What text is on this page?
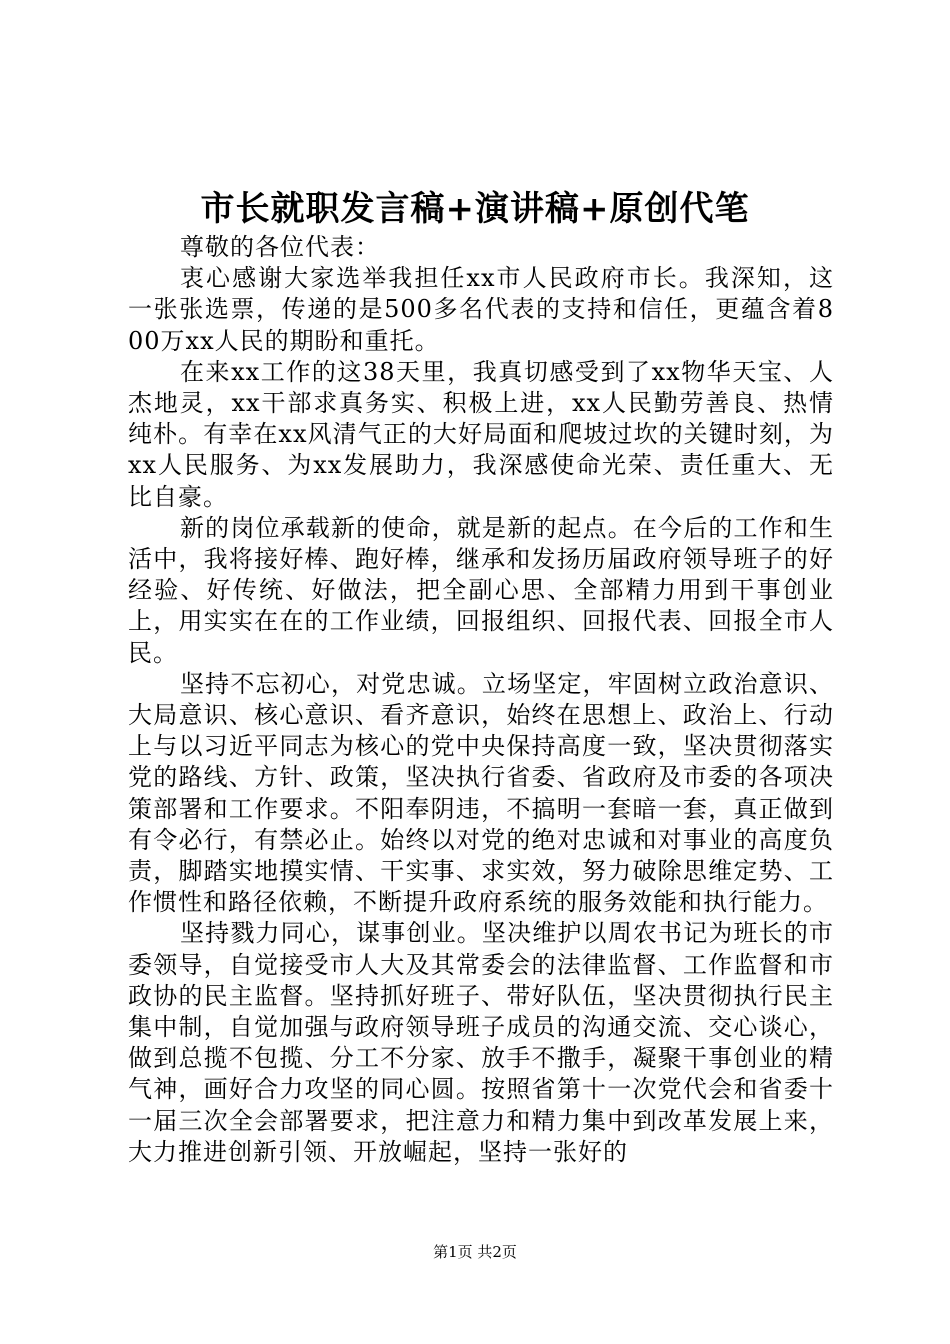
市长就职发言稿+演讲稿+原创代笔

尊敬的各位代表：

衷心感谢大家选举我担任xx市人民政府市长。我深知，这一张张选票，传递的是500多名代表的支持和信任，更蕴含着800万xx人民的期盼和重托。

在来xx工作的这38天里，我真切感受到了xx物华天宝、人杰地灵，xx干部求真务实、积极上进，xx人民勤劳善良、热情纯朴。有幸在xx风清气正的大好局面和爬坡过坎的关键时刻，为xx人民服务、为xx发展助力，我深感使命光荣、责任重大、无比自豪。

新的岗位承载新的使命，就是新的起点。在今后的工作和生活中，我将接好棒、跑好棒，继承和发扬历届政府领导班子的好经验、好传统、好做法，把全副心思、全部精力用到干事创业上，用实实在在的工作业绩，回报组织、回报代表、回报全市人民。

坚持不忘初心，对党忠诚。立场坚定，牢固树立政治意识、大局意识、核心意识、看齐意识，始终在思想上、政治上、行动上与以习近平同志为核心的党中央保持高度一致，坚决贯彻落实党的路线、方针、政策，坚决执行省委、省政府及市委的各项决策部署和工作要求。不阳奉阴违，不搞明一套暗一套，真正做到有令必行，有禁必止。始终以对党的绝对忠诚和对事业的高度负责，脚踏实地摸实情、干实事、求实效，努力破除思维定势、工作惯性和路径依赖，不断提升政府系统的服务效能和执行能力。

坚持戮力同心，谋事创业。坚决维护以周农书记为班长的市委领导，自觉接受市人大及其常委会的法律监督、工作监督和市政协的民主监督。坚持抓好班子、带好队伍，坚决贯彻执行民主集中制，自觉加强与政府领导班子成员的沟通交流、交心谈心，做到总揽不包揽、分工不分家、放手不撒手，凝聚干事创业的精气神，画好合力攻坚的同心圆。按照省第十一次党代会和省委十一届三次全会部署要求，把注意力和精力集中到改革发展上来，大力推进创新引领、开放崛起，坚持一张好的

第1页 共2页
